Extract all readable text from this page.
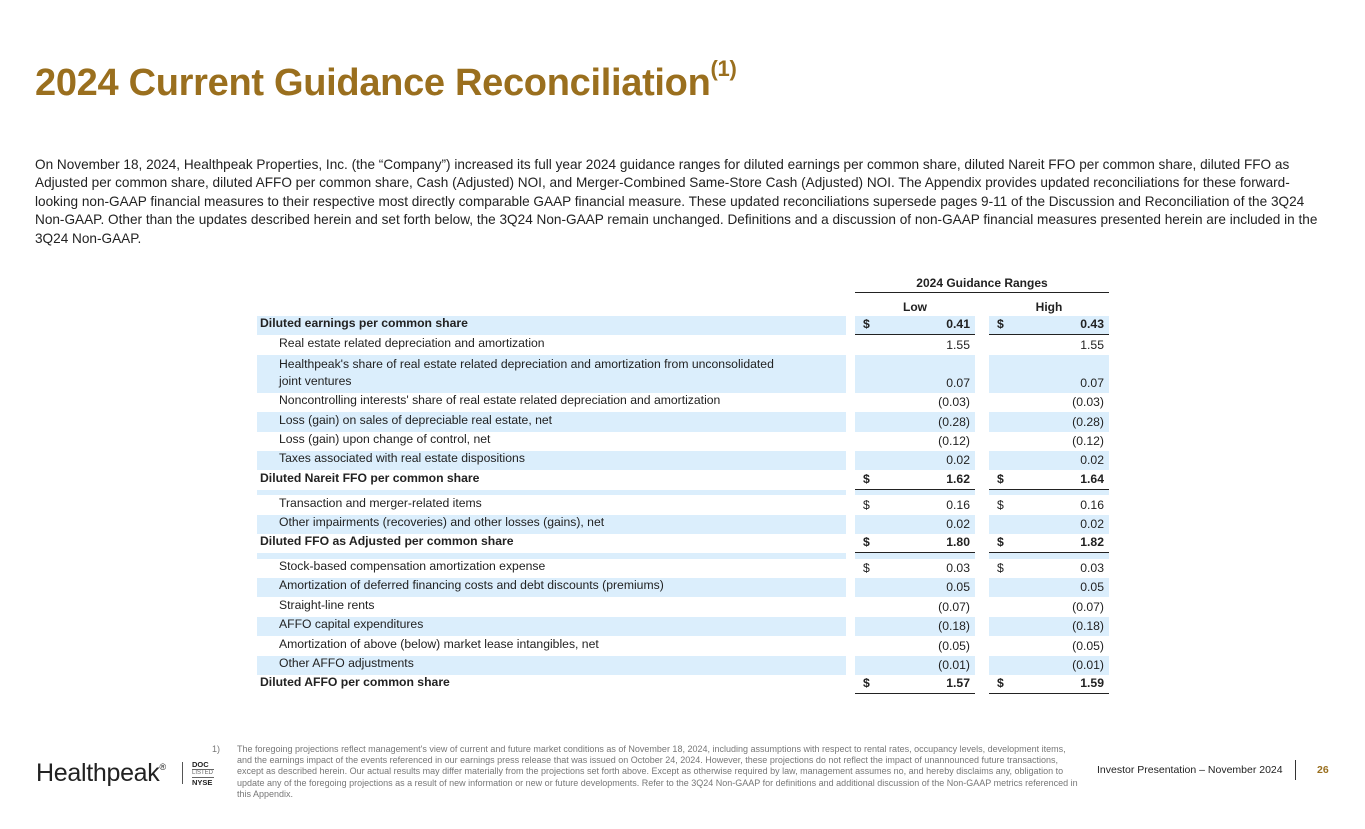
2024 Current Guidance Reconciliation$^{(1)}$
On November 18, 2024, Healthpeak Properties, Inc. (the “Company”) increased its full year 2024 guidance ranges for diluted earnings per common share, diluted Nareit FFO per common share, diluted FFO as Adjusted per common share, diluted AFFO per common share, Cash (Adjusted) NOI, and Merger-Combined Same-Store Cash (Adjusted) NOI. The Appendix provides updated reconciliations for these forward-looking non-GAAP financial measures to their respective most directly comparable GAAP financial measure. These updated reconciliations supersede pages 9-11 of the Discussion and Reconciliation of the 3Q24 Non-GAAP. Other than the updates described herein and set forth below, the 3Q24 Non-GAAP remain unchanged. Definitions and a discussion of non-GAAP financial measures presented herein are included in the 3Q24 Non-GAAP.
2024 Guidance Ranges
Low	High
Diluted earnings per common share	$	0.41 $	0.43
Real estate related depreciation and amortization	1.55	1.55
Healthpeak's share of real estate related depreciation and amortization from unconsolidated
joint ventures	0.07	0.07
Noncontrolling interests' share of real estate related depreciation and amortization	(0.03)	(0.03)
Loss (gain) on sales of depreciable real estate, net	(0.28)	(0.28)
Loss (gain) upon change of control, net	(0.12)	(0.12)
Taxes associated with real estate dispositions	0.02	0.02
Diluted Nareit FFO per common share	$	1.62 $	1.64
Transaction and merger-related items	$	0.16 $	0.16
Other impairments (recoveries) and other losses (gains), net	0.02	0.02
Diluted FFO as Adjusted per common share	$	1.80 $	1.82
Stock-based compensation amortization expense	$	0.03 $	0.03
Amortization of deferred financing costs and debt discounts (premiums)	0.05	0.05
Straight-line rents	(0.07)	(0.07)
AFFO capital expenditures	(0.18)	(0.18)
Amortization of above (below) market lease intangibles, net	(0.05)	(0.05)
Other AFFO adjustments	(0.01)	(0.01)
Diluted AFFO per common share	$	1.57 $	1.59
1) The foregoing projections reflect management's view of current and future market conditions as of November 18, 2024, including assumptions with respect to rental rates, occupancy levels, development items, and the earnings impact of the events referenced in our earnings press release that was issued on October 24, 2024. However, these projections do not reflect the impact of unannounced future transactions, except as described herein. Our actual results may differ materially from the projections set forth above. Except as otherwise required by law, management assumes no, and hereby disclaims any, obligation to update any of the foregoing projections as a result of new information or new or future developments. Refer to the 3Q24 Non-GAAP for definitions and additional discussion of the Non-GAAP metrics referenced in this Appendix.
Healthpeak®	DOC
LISTED
NYSE
Investor Presentation – November 2024	26
